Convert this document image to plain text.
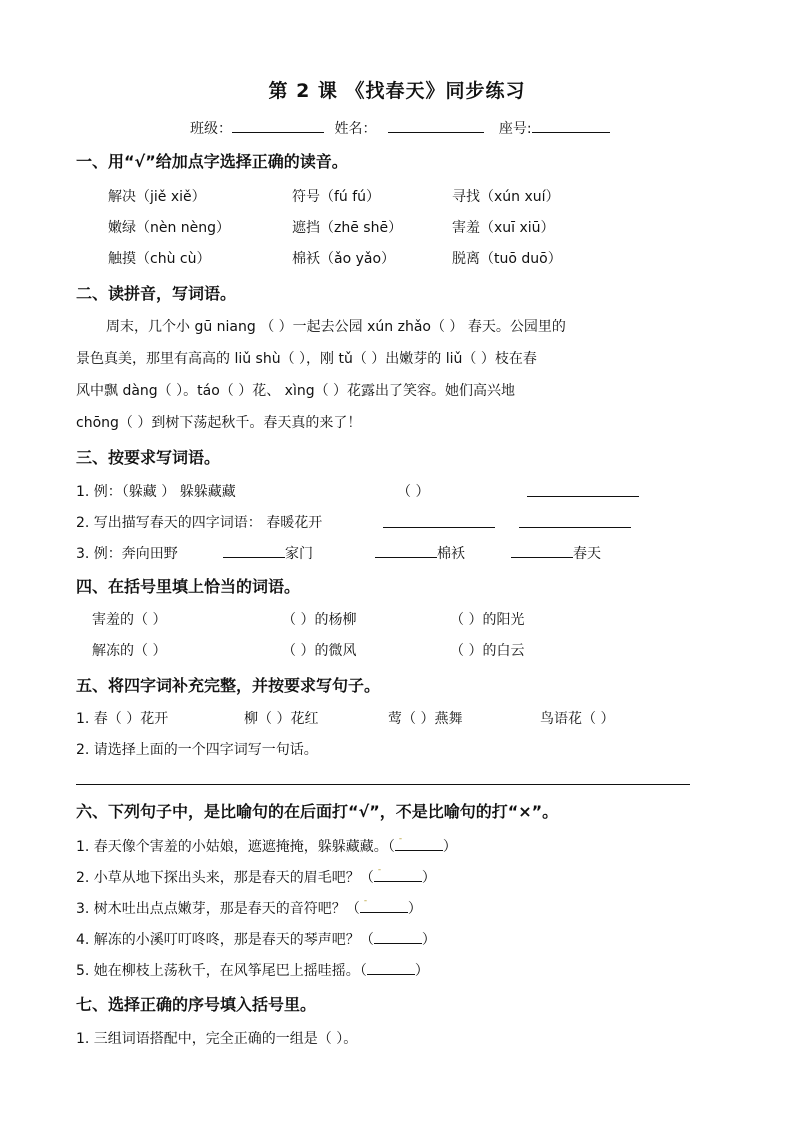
第 2 课 《找春天》同步练习
班级：	姓名：	座号:
一、用“√”给加点字选择正确的读音。
解决（jiě xiě）	符号（fú fú）	寻找（xún xuí）
嫩绿（nèn nèng）	遮挡（zhē shē）	害羞（xuī xiū）
触摸（chù cù）	棉袄（ǎo yǎo）	脱离（tuō duō）
二、读拼音，写词语。
周末，几个小 gū niang （ ）一起去公园 xún zhǎo（ ） 春天。公园里的
景色真美，那里有高高的 liǔ shù（ ），刚 tǔ（ ）出嫩芽的 liǔ（ ）枝在春
风中飘 dàng（ ）。táo（ ）花、 xìng（ ）花露出了笑容。她们高兴地
chōng（ ）到树下荡起秋千。春天真的来了！
三、按要求写词语。
1. 例：（躲藏 ） 躲躲藏藏	（ ）
2. 写出描写春天的四字词语： 春暖花开
3. 例：奔向田野	家门	棉袄	春天
四、在括号里填上恰当的词语。
害羞的（ ）	（ ）的杨柳	（ ）的阳光
解冻的（ ）	（ ）的微风	（ ）的白云
五、将四字词补充完整，并按要求写句子。
1. 春（ ）花开	柳（ ）花红	莺（ ）燕舞	鸟语花（ ）
2. 请选择上面的一个四字词写一句话。
六、下列句子中，是比喻句的在后面打“√”，不是比喻句的打“×”。
1. 春天像个害羞的小姑娘，遮遮掩掩，躲躲藏藏。（ -	）
2. 小草从地下探出头来，那是春天的眉毛吧？（ -	）
3. 树木吐出点点嫩芽，那是春天的音符吧？（ -	）
4. 解冻的小溪叮叮咚咚，那是春天的琴声吧？（	）
5. 她在柳枝上荡秋千，在风筝尾巴上摇哇摇。（	）
七、选择正确的序号填入括号里。
1. 三组词语搭配中，完全正确的一组是（ ）。
